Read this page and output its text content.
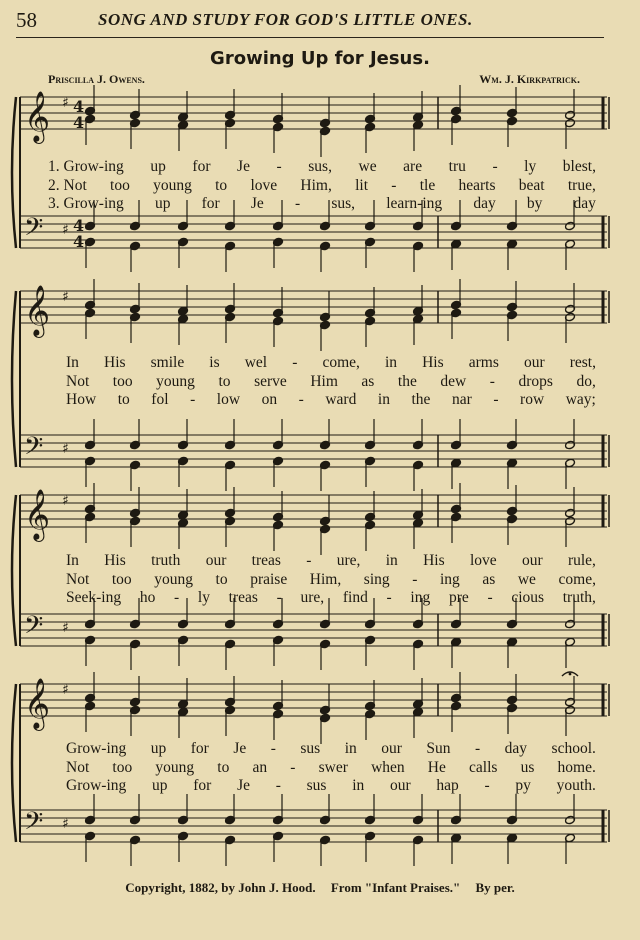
58	SONG AND STUDY FOR GOD'S LITTLE ONES.
Growing Up for Jesus.
Priscilla J. Owens.	Wm. J. Kirkpatrick.
𝄞
𝄢
♯
♯
4
4
4
4
𝄞
𝄢
♯
♯
𝄞
𝄢
♯
♯
𝄞
𝄢
♯
♯
1. Grow-ing up for Je - sus, we are tru - ly blest,
2. Not too young to love Him, lit - tle hearts beat true,
3. Grow-ing up for Je - sus, learn-ing day by day
In His smile is wel - come, in His arms our rest,
Not too young to serve Him as the dew - drops do,
How to fol - low on - ward in the nar - row way;
In His truth our treas - ure, in His love our rule,
Not too young to praise Him, sing - ing as we come,
Seek-ing ho - ly treas - ure, find - ing pre - cious truth,
Grow-ing up for Je - sus in our Sun - day school.
Not too young to an - swer when He calls us home.
Grow-ing up for Je - sus in our hap - py youth.
Copyright, 1882, by John J. Hood. From "Infant Praises." By per.
